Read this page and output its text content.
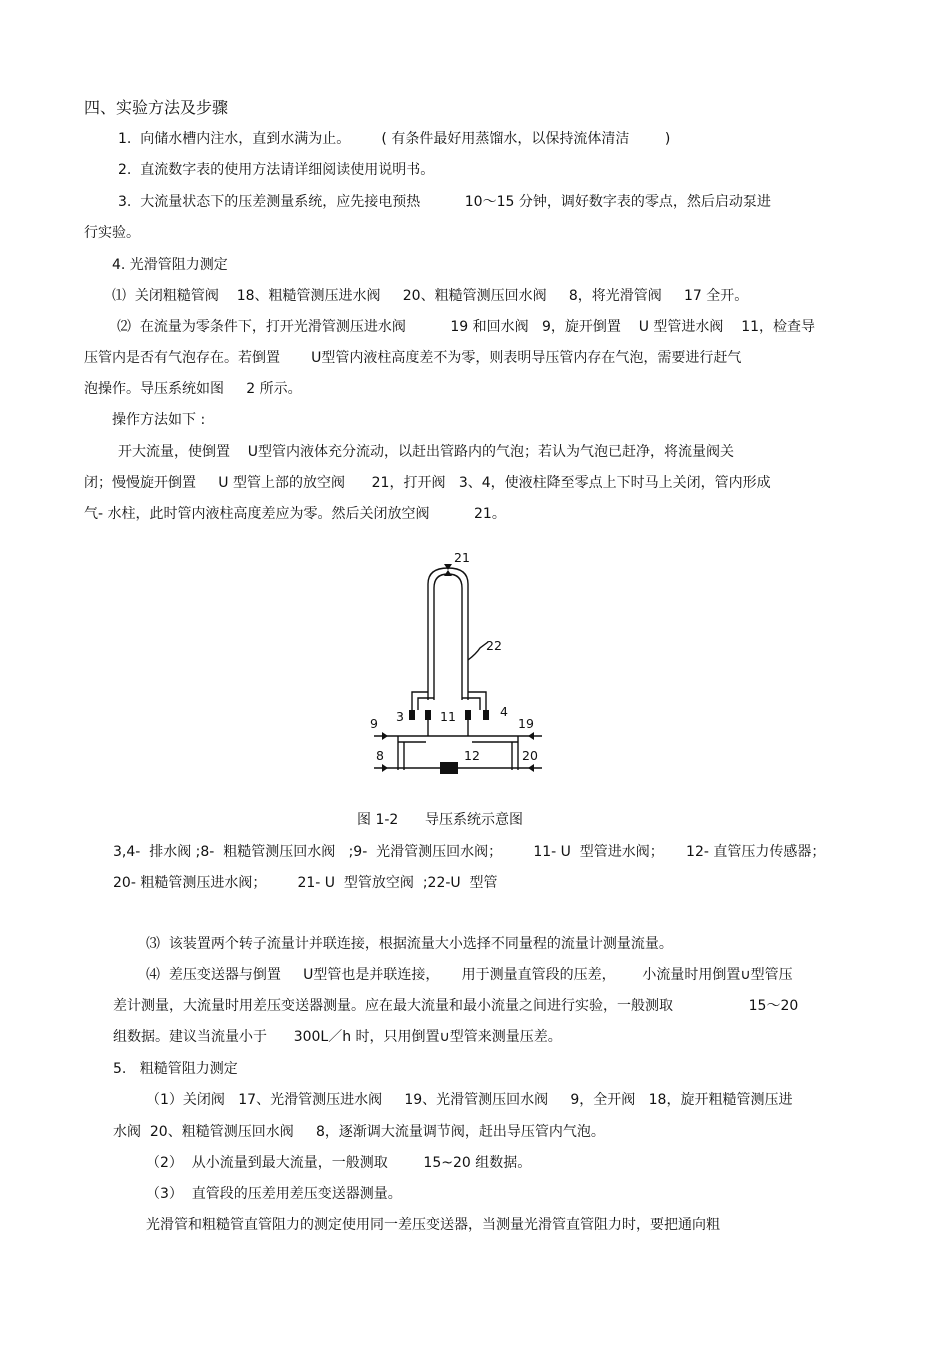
四、实验方法及步骤
1.  向储水槽内注水，直到水满为止。       ( 有条件最好用蒸馏水，以保持流体清洁        )
2.  直流数字表的使用方法请详细阅读使用说明书。
3.  大流量状态下的压差测量系统，应先接电预热          10～15 分钟，调好数字表的零点，然后启动泵进
行实验。
4. 光滑管阻力测定
⑴  关闭粗糙管阀    18、粗糙管测压进水阀     20、粗糙管测压回水阀     8，将光滑管阀     17 全开。
⑵  在流量为零条件下，打开光滑管测压进水阀          19 和回水阀   9，旋开倒置    U 型管进水阀    11，检查导
压管内是否有气泡存在。若倒置       U型管内液柱高度差不为零，则表明导压管内存在气泡，需要进行赶气
泡操作。导压系统如图     2 所示。
操作方法如下 :
开大流量，使倒置    U型管内液体充分流动，以赶出管路内的气泡；若认为气泡已赶净，将流量阀关
闭；慢慢旋开倒置     U 型管上部的放空阀      21，打开阀   3、4，使液柱降至零点上下时马上关闭，管内形成
气- 水柱，此时管内液柱高度差应为零。然后关闭放空阀          21。
21
22
3	11	4
9	19
8	12	20
图 1-2      导压系统示意图
3,4-  排水阀 ;8-  粗糙管测压回水阀   ;9-  光滑管测压回水阀；       11- U  型管进水阀；     12- 直管压力传感器；
20- 粗糙管测压进水阀；       21- U  型管放空阀  ;22-U  型管
⑶  该装置两个转子流量计并联连接，根据流量大小选择不同量程的流量计测量流量。
⑷  差压变送器与倒置     U型管也是并联连接，     用于测量直管段的压差，      小流量时用倒置∪型管压
差计测量，大流量时用差压变送器测量。应在最大流量和最小流量之间进行实验，一般测取                 15～20
组数据。建议当流量小于      300L／h 时，只用倒置∪型管来测量压差。
5.   粗糙管阻力测定
（1）关闭阀   17、光滑管测压进水阀     19、光滑管测压回水阀     9，全开阀   18，旋开粗糙管测压进
水阀  20、粗糙管测压回水阀     8，逐渐调大流量调节阀，赶出导压管内气泡。
（2）  从小流量到最大流量，一般测取        15~20 组数据。
（3）  直管段的压差用差压变送器测量。
光滑管和粗糙管直管阻力的测定使用同一差压变送器，当测量光滑管直管阻力时，要把通向粗
